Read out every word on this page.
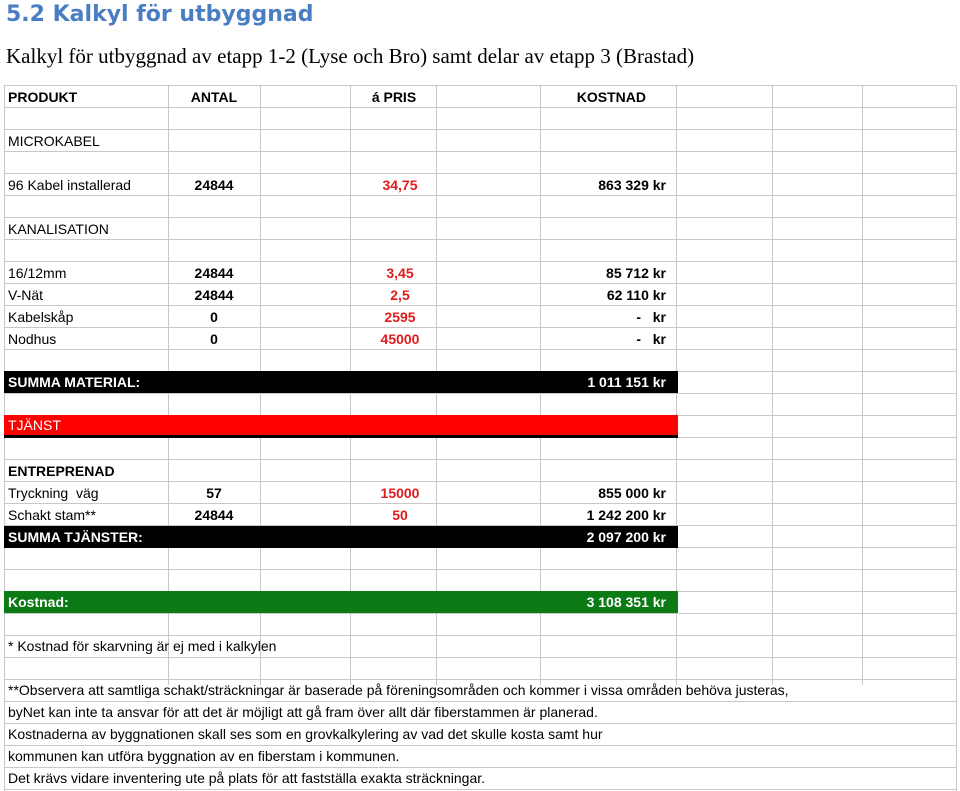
5.2 Kalkyl för utbyggnad
Kalkyl för utbyggnad av etapp 1-2 (Lyse och Bro) samt delar av etapp 3 (Brastad)
PRODUKT	ANTAL	á PRIS	KOSTNAD
MICROKABEL
96 Kabel installerad	24844	34,75	863 329 kr
KANALISATION
16/12mm	24844	3,45	85 712 kr
V-Nät	24844	2,5	62 110 kr
Kabelskåp	0	2595	-   kr
Nodhus	0	45000	-   kr
SUMMA MATERIAL:	1 011 151 kr
TJÄNST
ENTREPRENAD
Tryckning  väg	57	15000	855 000 kr
Schakt stam**	24844	50	1 242 200 kr
SUMMA TJÄNSTER:	2 097 200 kr
Kostnad:	3 108 351 kr
* Kostnad för skarvning är ej med i kalkylen
**Observera att samtliga schakt/sträckningar är baserade på föreningsområden och kommer i vissa områden behöva justeras,
byNet kan inte ta ansvar för att det är möjligt att gå fram över allt där fiberstammen är planerad.
Kostnaderna av byggnationen skall ses som en grovkalkylering av vad det skulle kosta samt hur
kommunen kan utföra byggnation av en fiberstam i kommunen.
Det krävs vidare inventering ute på plats för att fastställa exakta sträckningar.
